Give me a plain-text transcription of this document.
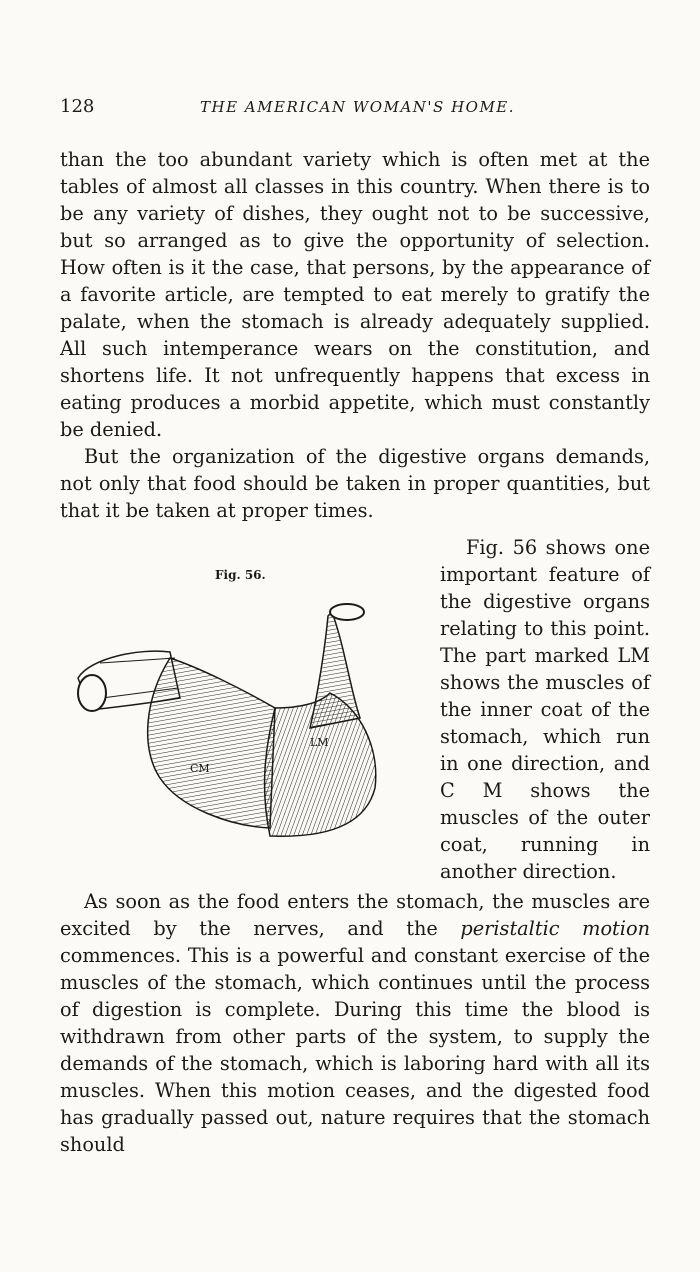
128	THE AMERICAN WOMAN'S HOME.

than the too abundant variety which is often met at the tables of almost all classes in this country. When there is to be any variety of dishes, they ought not to be successive, but so arranged as to give the opportunity of selection. How often is it the case, that persons, by the appearance of a favorite article, are tempted to eat merely to gratify the palate, when the stomach is already adequately supplied. All such intemperance wears on the constitution, and shortens life. It not unfrequently happens that excess in eating produces a morbid appetite, which must constantly be denied.

But the organization of the digestive organs demands, not only that food should be taken in proper quantities, but that it be taken at proper times.

Fig. 56.
LM
CM

Fig. 56 shows one important feature of the digestive organs relating to this point. The part marked LM shows the muscles of the inner coat of the stomach, which run in one direction, and C M shows the muscles of the outer coat, running in another direction.

As soon as the food enters the stomach, the muscles are excited by the nerves, and the peristaltic motion commences. This is a powerful and constant exercise of the muscles of the stomach, which continues until the process of digestion is complete. During this time the blood is withdrawn from other parts of the system, to supply the demands of the stomach, which is laboring hard with all its muscles. When this motion ceases, and the digested food has gradually passed out, nature requires that the stomach should
